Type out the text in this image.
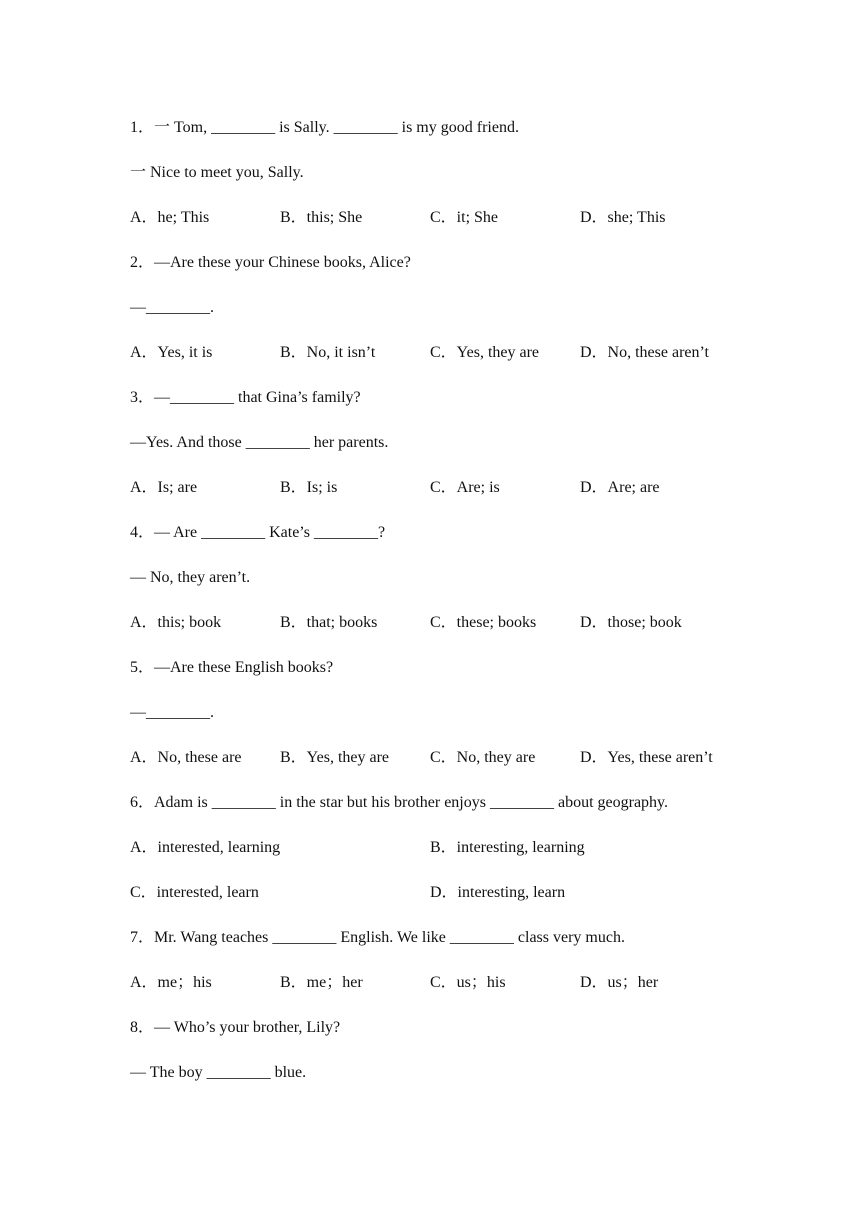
1．一 Tom, ________ is Sally. ________ is my good friend.
一 Nice to meet you, Sally.
A．he; This	B．this; She	C．it; She	D．she; This
2．—Are these your Chinese books, Alice?
—________.
A．Yes, it is	B．No, it isn’t	C．Yes, they are	D．No, these aren’t
3．—________ that Gina’s family?
—Yes. And those ________ her parents.
A．Is; are	B．Is; is	C．Are; is	D．Are; are
4．— Are ________ Kate’s ________?
— No, they aren’t.
A．this; book	B．that; books	C．these; books	D．those; book
5．—Are these English books?
—________.
A．No, these are	B．Yes, they are	C．No, they are	D．Yes, these aren’t
6．Adam is ________ in the star but his brother enjoys ________ about geography.
A．interested, learning	B．interesting, learning
C．interested, learn	D．interesting, learn
7．Mr. Wang teaches ________ English. We like ________ class very much.
A．me；his	B．me；her	C．us；his	D．us；her
8．— Who’s your brother, Lily?
— The boy ________ blue.
